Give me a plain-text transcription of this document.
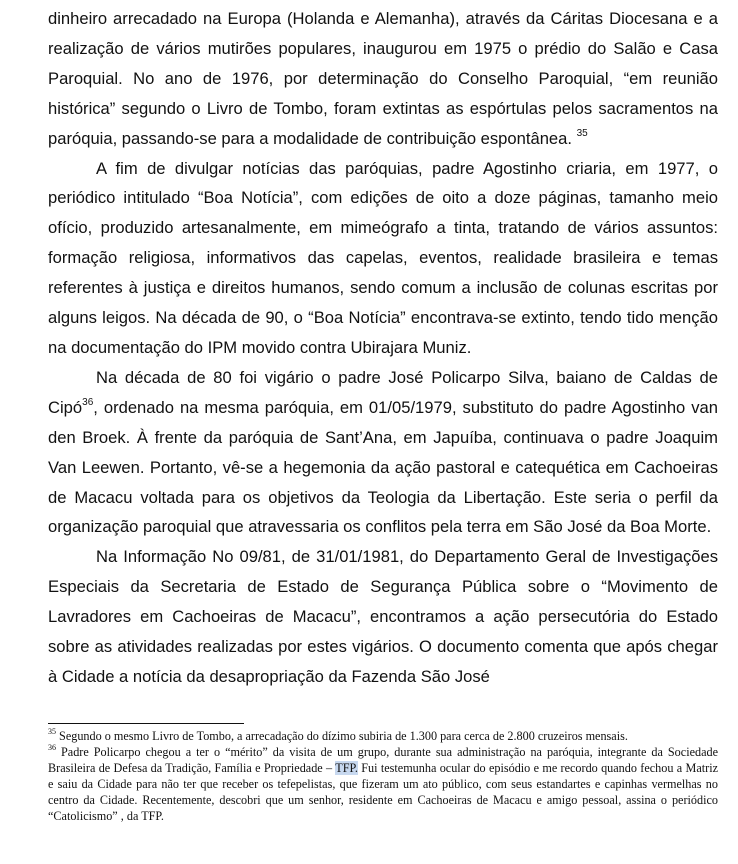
dinheiro arrecadado na Europa (Holanda e Alemanha), através da Cáritas Diocesana e a realização de vários mutirões populares, inaugurou em 1975 o prédio do Salão e Casa Paroquial. No ano de 1976, por determinação do Conselho Paroquial, “em reunião histórica” segundo o Livro de Tombo, foram extintas as espórtulas pelos sacramentos na paróquia, passando-se para a modalidade de contribuição espontânea. $^{35}$

A fim de divulgar notícias das paróquias, padre Agostinho criaria, em 1977, o periódico intitulado “Boa Notícia”, com edições de oito a doze páginas, tamanho meio ofício, produzido artesanalmente, em mimeógrafo a tinta, tratando de vários assuntos: formação religiosa, informativos das capelas, eventos, realidade brasileira e temas referentes à justiça e direitos humanos, sendo comum a inclusão de colunas escritas por alguns leigos. Na década de 90, o “Boa Notícia” encontrava-se extinto, tendo tido menção na documentação do IPM movido contra Ubirajara Muniz.

Na década de 80 foi vigário o padre José Policarpo Silva, baiano de Caldas de Cipó$^{36}$, ordenado na mesma paróquia, em 01/05/1979, substituto do padre Agostinho van den Broek. À frente da paróquia de Sant’Ana, em Japuíba, continuava o padre Joaquim Van Leewen. Portanto, vê-se a hegemonia da ação pastoral e catequética em Cachoeiras de Macacu voltada para os objetivos da Teologia da Libertação. Este seria o perfil da organização paroquial que atravessaria os conflitos pela terra em São José da Boa Morte.

Na Informação No 09/81, de 31/01/1981, do Departamento Geral de Investigações Especiais da Secretaria de Estado de Segurança Pública sobre o “Movimento de Lavradores em Cachoeiras de Macacu”, encontramos a ação persecutória do Estado sobre as atividades realizadas por estes vigários. O documento comenta que após chegar à Cidade a notícia da desapropriação da Fazenda São José

$^{35}$ Segundo o mesmo Livro de Tombo, a arrecadação do dízimo subiria de 1.300 para cerca de 2.800 cruzeiros mensais.

$^{36}$ Padre Policarpo chegou a ter o “mérito” da visita de um grupo, durante sua administração na paróquia, integrante da Sociedade Brasileira de Defesa da Tradição, Família e Propriedade – TFP. Fui testemunha ocular do episódio e me recordo quando fechou a Matriz e saiu da Cidade para não ter que receber os tefepelistas, que fizeram um ato público, com seus estandartes e capinhas vermelhas no centro da Cidade. Recentemente, descobri que um senhor, residente em Cachoeiras de Macacu e amigo pessoal, assina o periódico “Catolicismo” , da TFP.
